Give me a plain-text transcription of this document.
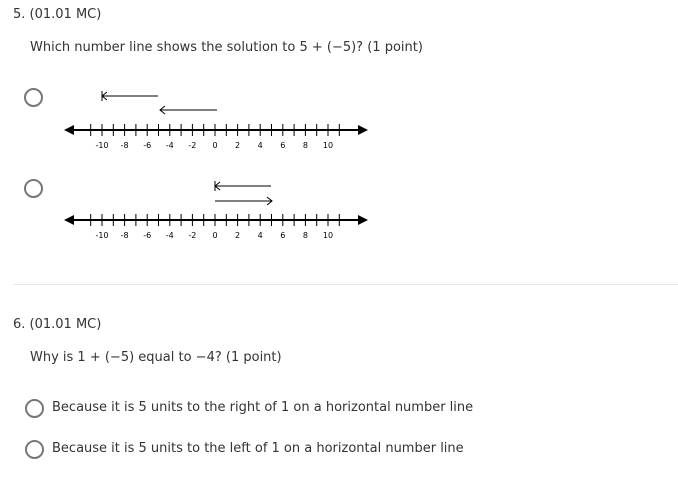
5. (01.01 MC)
Which number line shows the solution to 5 + (−5)? (1 point)
-10 -8 -6 -4 -2 0 2 4 6 8 10
-10 -8 -6 -4 -2 0 2 4 6 8 10
6. (01.01 MC)
Why is 1 + (−5) equal to −4? (1 point)
Because it is 5 units to the right of 1 on a horizontal number line
Because it is 5 units to the left of 1 on a horizontal number line
